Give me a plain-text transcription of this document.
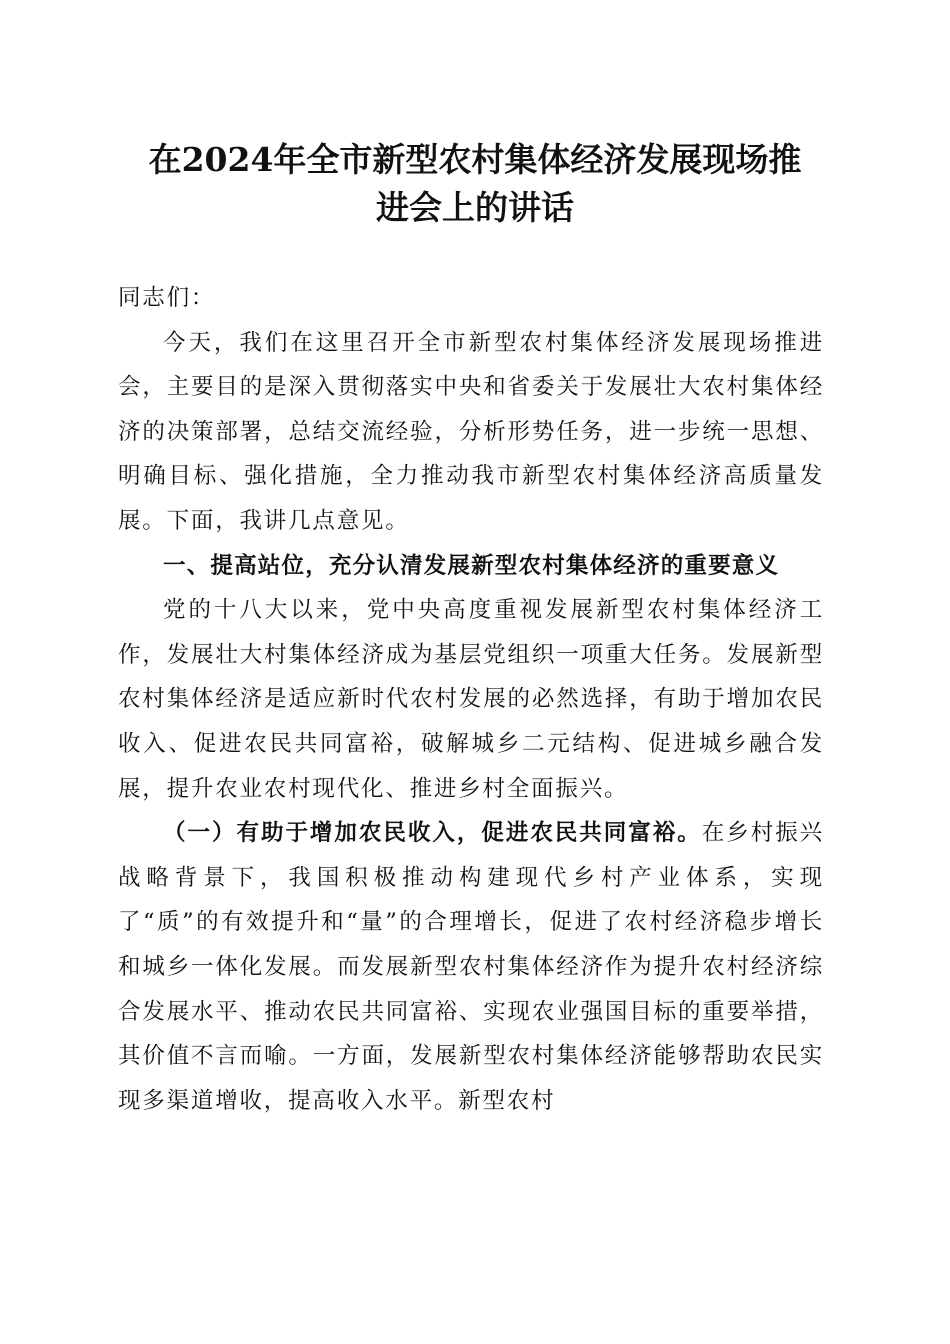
在2024年全市新型农村集体经济发展现场推
进会上的讲话

同志们：

今天，我们在这里召开全市新型农村集体经济发展现场推进会，主要目的是深入贯彻落实中央和省委关于发展壮大农村集体经济的决策部署，总结交流经验，分析形势任务，进一步统一思想、明确目标、强化措施，全力推动我市新型农村集体经济高质量发展。下面，我讲几点意见。

一、提高站位，充分认清发展新型农村集体经济的重要意义

党的十八大以来，党中央高度重视发展新型农村集体经济工作，发展壮大村集体经济成为基层党组织一项重大任务。发展新型农村集体经济是适应新时代农村发展的必然选择，有助于增加农民收入、促进农民共同富裕，破解城乡二元结构、促进城乡融合发展，提升农业农村现代化、推进乡村全面振兴。

（一）有助于增加农民收入，促进农民共同富裕。在乡村振兴战略背景下，我国积极推动构建现代乡村产业体系，实现了“质”的有效提升和“量”的合理增长，促进了农村经济稳步增长和城乡一体化发展。而发展新型农村集体经济作为提升农村经济综合发展水平、推动农民共同富裕、实现农业强国目标的重要举措，其价值不言而喻。一方面，发展新型农村集体经济能够帮助农民实现多渠道增收，提高收入水平。新型农村
